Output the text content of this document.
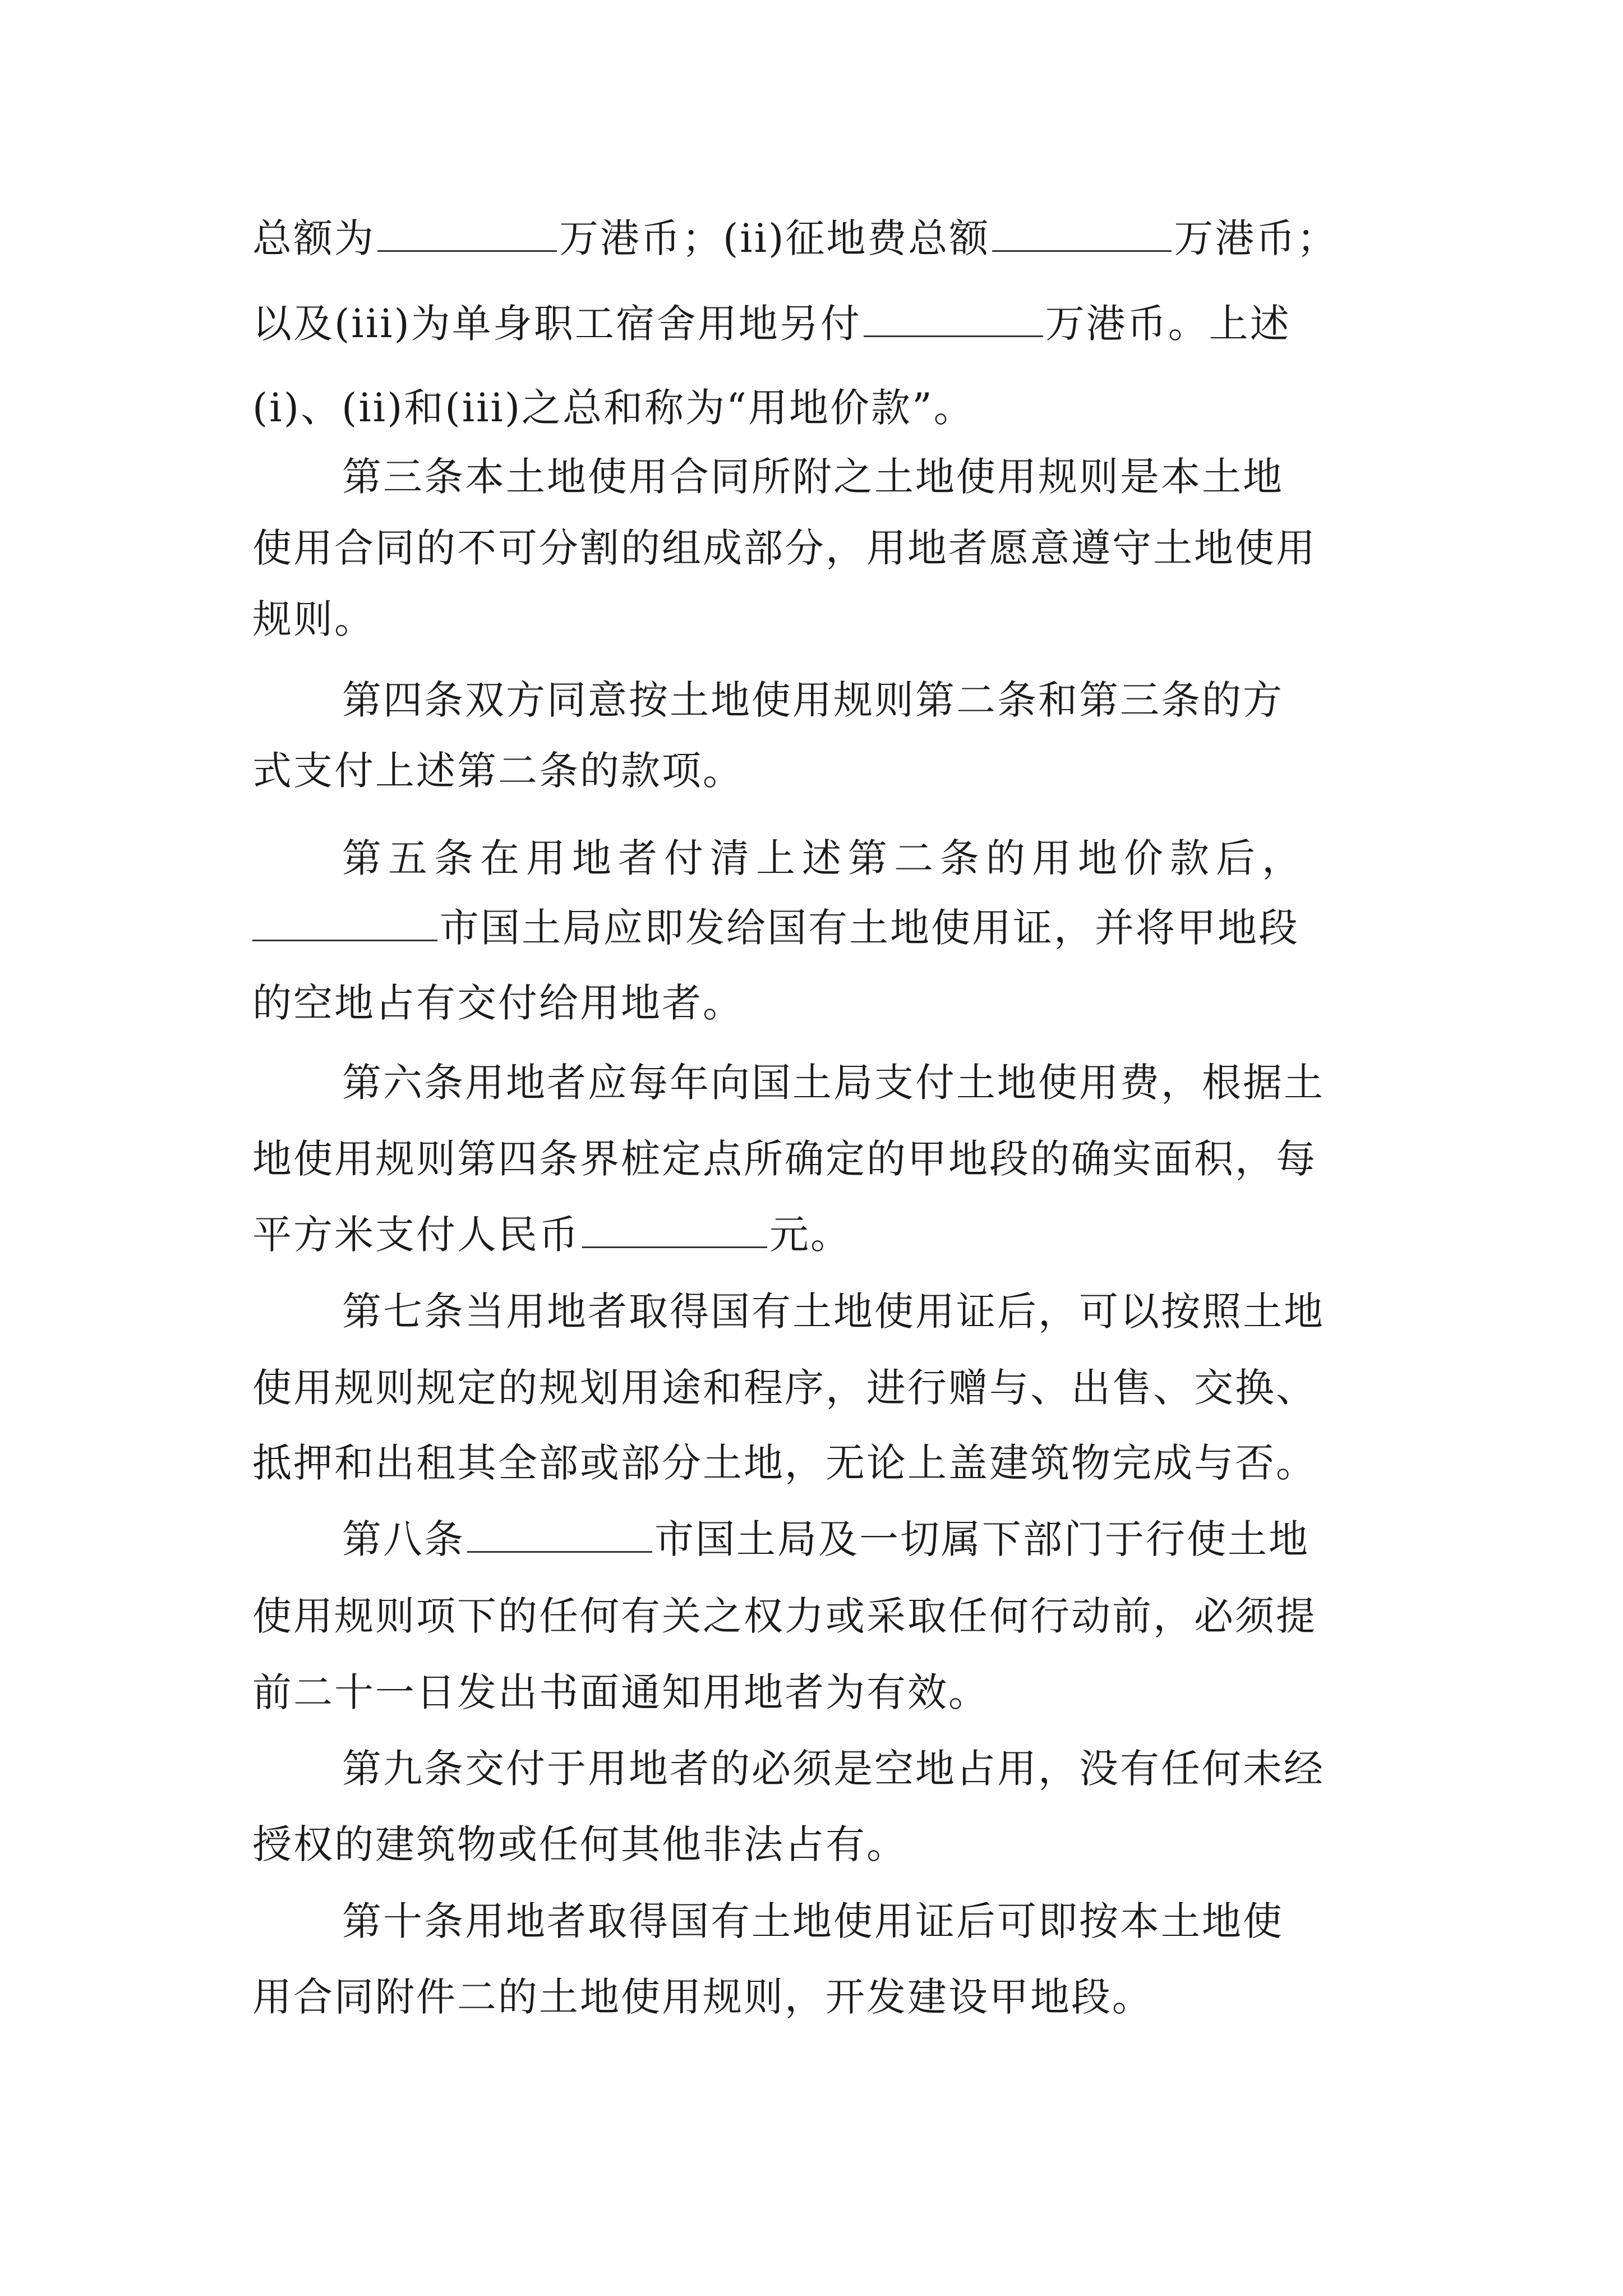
总额为	万港币；(ii)征地费总额	万港币；
以及(iii)为单身职工宿舍用地另付	万港币。上述
(i)、(ii)和(iii)之总和称为“用地价款”。
第三条本土地使用合同所附之土地使用规则是本土地
使用合同的不可分割的组成部分，用地者愿意遵守土地使用
规则。
第四条双方同意按土地使用规则第二条和第三条的方
式支付上述第二条的款项。
第五条在用地者付清上述第二条的用地价款后，
市国土局应即发给国有土地使用证，并将甲地段
的空地占有交付给用地者。
第六条用地者应每年向国土局支付土地使用费，根据土
地使用规则第四条界桩定点所确定的甲地段的确实面积，每
平方米支付人民币	元。
第七条当用地者取得国有土地使用证后，可以按照土地
使用规则规定的规划用途和程序，进行赠与、出售、交换、
抵押和出租其全部或部分土地，无论上盖建筑物完成与否。
第八条	市国土局及一切属下部门于行使土地
使用规则项下的任何有关之权力或采取任何行动前，必须提
前二十一日发出书面通知用地者为有效。
第九条交付于用地者的必须是空地占用，没有任何未经
授权的建筑物或任何其他非法占有。
第十条用地者取得国有土地使用证后可即按本土地使
用合同附件二的土地使用规则，开发建设甲地段。
